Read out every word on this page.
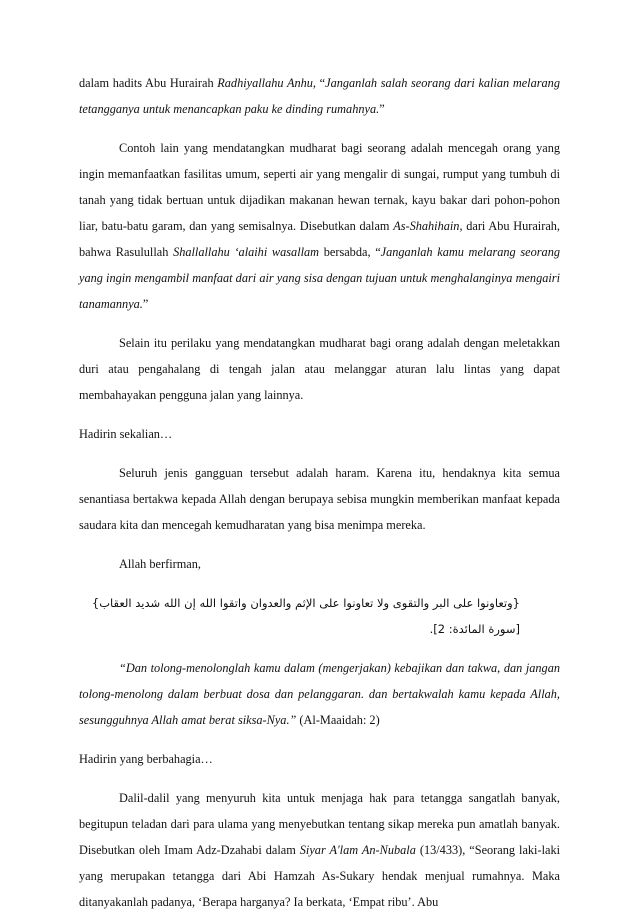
dalam hadits Abu Hurairah Radhiyallahu Anhu, “Janganlah salah seorang dari kalian melarang tetangganya untuk menancapkan paku ke dinding rumahnya.”

Contoh lain yang mendatangkan mudharat bagi seorang adalah mencegah orang yang ingin memanfaatkan fasilitas umum, seperti air yang mengalir di sungai, rumput yang tumbuh di tanah yang tidak bertuan untuk dijadikan makanan hewan ternak, kayu bakar dari pohon-pohon liar, batu-batu garam, dan yang semisalnya. Disebutkan dalam As-Shahihain, dari Abu Hurairah, bahwa Rasulullah Shallallahu ‘alaihi wasallam bersabda, “Janganlah kamu melarang seorang yang ingin mengambil manfaat dari air yang sisa dengan tujuan untuk menghalanginya mengairi tanamannya.”

Selain itu perilaku yang mendatangkan mudharat bagi orang adalah dengan meletakkan duri atau pengahalang di tengah jalan atau melanggar aturan lalu lintas yang dapat membahayakan pengguna jalan yang lainnya.

Hadirin sekalian…

Seluruh jenis gangguan tersebut adalah haram. Karena itu, hendaknya kita semua senantiasa bertakwa kepada Allah dengan berupaya sebisa mungkin memberikan manfaat kepada saudara kita dan mencegah kemudharatan yang bisa menimpa mereka.

Allah berfirman,

{وتعاونوا على البر والتقوى ولا تعاونوا على الإثم والعدوان واتقوا الله إن الله شديد العقاب} [سورة المائدة: 2].

“Dan tolong-menolonglah kamu dalam (mengerjakan) kebajikan dan takwa, dan jangan tolong-menolong dalam berbuat dosa dan pelanggaran. dan bertakwalah kamu kepada Allah, sesungguhnya Allah amat berat siksa-Nya.” (Al-Maaidah: 2)

Hadirin yang berbahagia…

Dalil-dalil yang menyuruh kita untuk menjaga hak para tetangga sangatlah banyak, begitupun teladan dari para ulama yang menyebutkan tentang sikap mereka pun amatlah banyak. Disebutkan oleh Imam Adz-Dzahabi dalam Siyar A'lam An-Nubala (13/433), “Seorang laki-laki yang merupakan tetangga dari Abi Hamzah As-Sukary hendak menjual rumahnya. Maka ditanyakanlah padanya, ‘Berapa harganya? Ia berkata, ‘Empat ribu’. Abu
